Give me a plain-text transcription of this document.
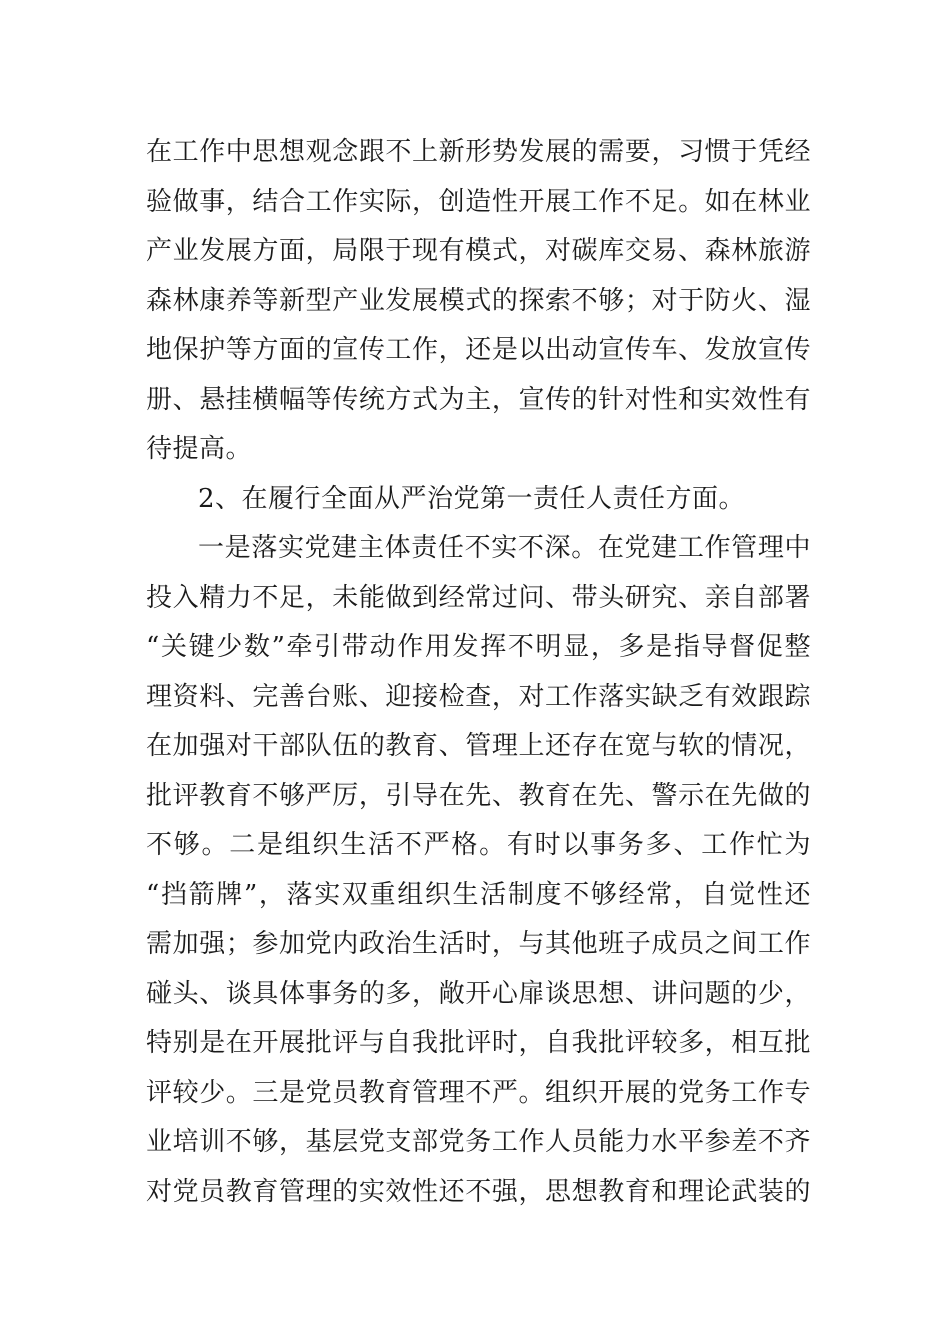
在工作中思想观念跟不上新形势发展的需要，习惯于凭经
验做事，结合工作实际，创造性开展工作不足。如在林业
产业发展方面，局限于现有模式，对碳库交易、森林旅游
森林康养等新型产业发展模式的探索不够；对于防火、湿
地保护等方面的宣传工作，还是以出动宣传车、发放宣传
册、悬挂横幅等传统方式为主，宣传的针对性和实效性有
待提高。
2、在履行全面从严治党第一责任人责任方面。
一是落实党建主体责任不实不深。在党建工作管理中
投入精力不足，未能做到经常过问、带头研究、亲自部署
“关键少数”牵引带动作用发挥不明显，多是指导督促整
理资料、完善台账、迎接检查，对工作落实缺乏有效跟踪
在加强对干部队伍的教育、管理上还存在宽与软的情况，
批评教育不够严厉，引导在先、教育在先、警示在先做的
不够。二是组织生活不严格。有时以事务多、工作忙为
“挡箭牌”，落实双重组织生活制度不够经常，自觉性还
需加强；参加党内政治生活时，与其他班子成员之间工作
碰头、谈具体事务的多，敞开心扉谈思想、讲问题的少，
特别是在开展批评与自我批评时，自我批评较多，相互批
评较少。三是党员教育管理不严。组织开展的党务工作专
业培训不够，基层党支部党务工作人员能力水平参差不齐
对党员教育管理的实效性还不强，思想教育和理论武装的
